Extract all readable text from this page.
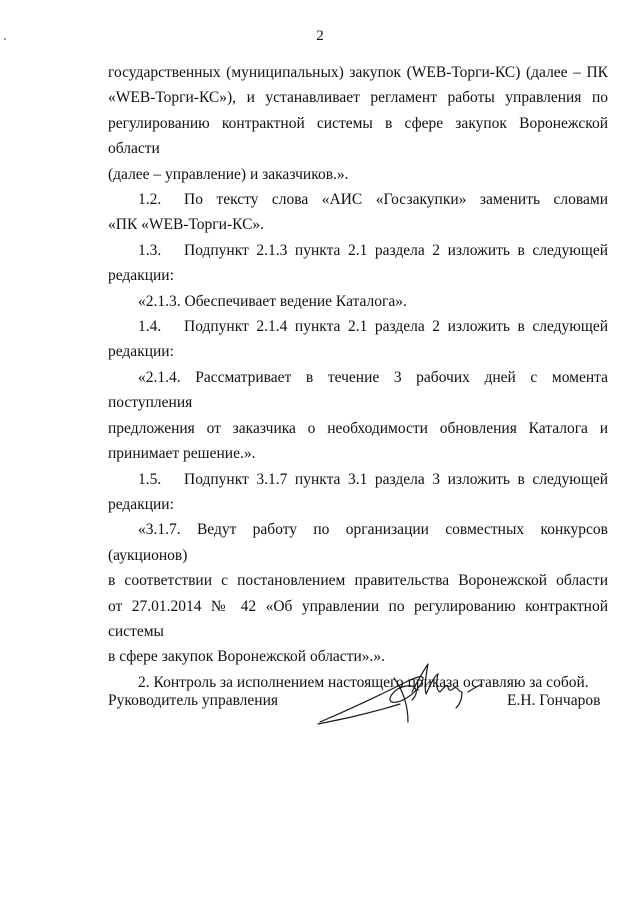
2

государственных (муниципальных) закупок (WEB-Торги-КС) (далее – ПК

«WEB-Торги-КС»), и устанавливает регламент работы управления по

регулированию контрактной системы в сфере закупок Воронежской области

(далее – управление) и заказчиков.».

1.2. По тексту слова «АИС «Госзакупки» заменить словами

«ПК «WEB-Торги-КС».

1.3. Подпункт 2.1.3 пункта 2.1 раздела 2 изложить в следующей

редакции:

«2.1.3. Обеспечивает ведение Каталога».

1.4. Подпункт 2.1.4 пункта 2.1 раздела 2 изложить в следующей

редакции:

«2.1.4. Рассматривает в течение 3 рабочих дней с момента поступления

предложения от заказчика о необходимости обновления Каталога и

принимает решение.».

1.5. Подпункт 3.1.7 пункта 3.1 раздела 3 изложить в следующей

редакции:

«3.1.7. Ведут работу по организации совместных конкурсов (аукционов)

в соответствии с постановлением правительства Воронежской области

от 27.01.2014 № 42 «Об управлении по регулированию контрактной системы

в сфере закупок Воронежской области».».

2. Контроль за исполнением настоящего приказа оставляю за собой.

Руководитель управления	Е.Н. Гончаров
